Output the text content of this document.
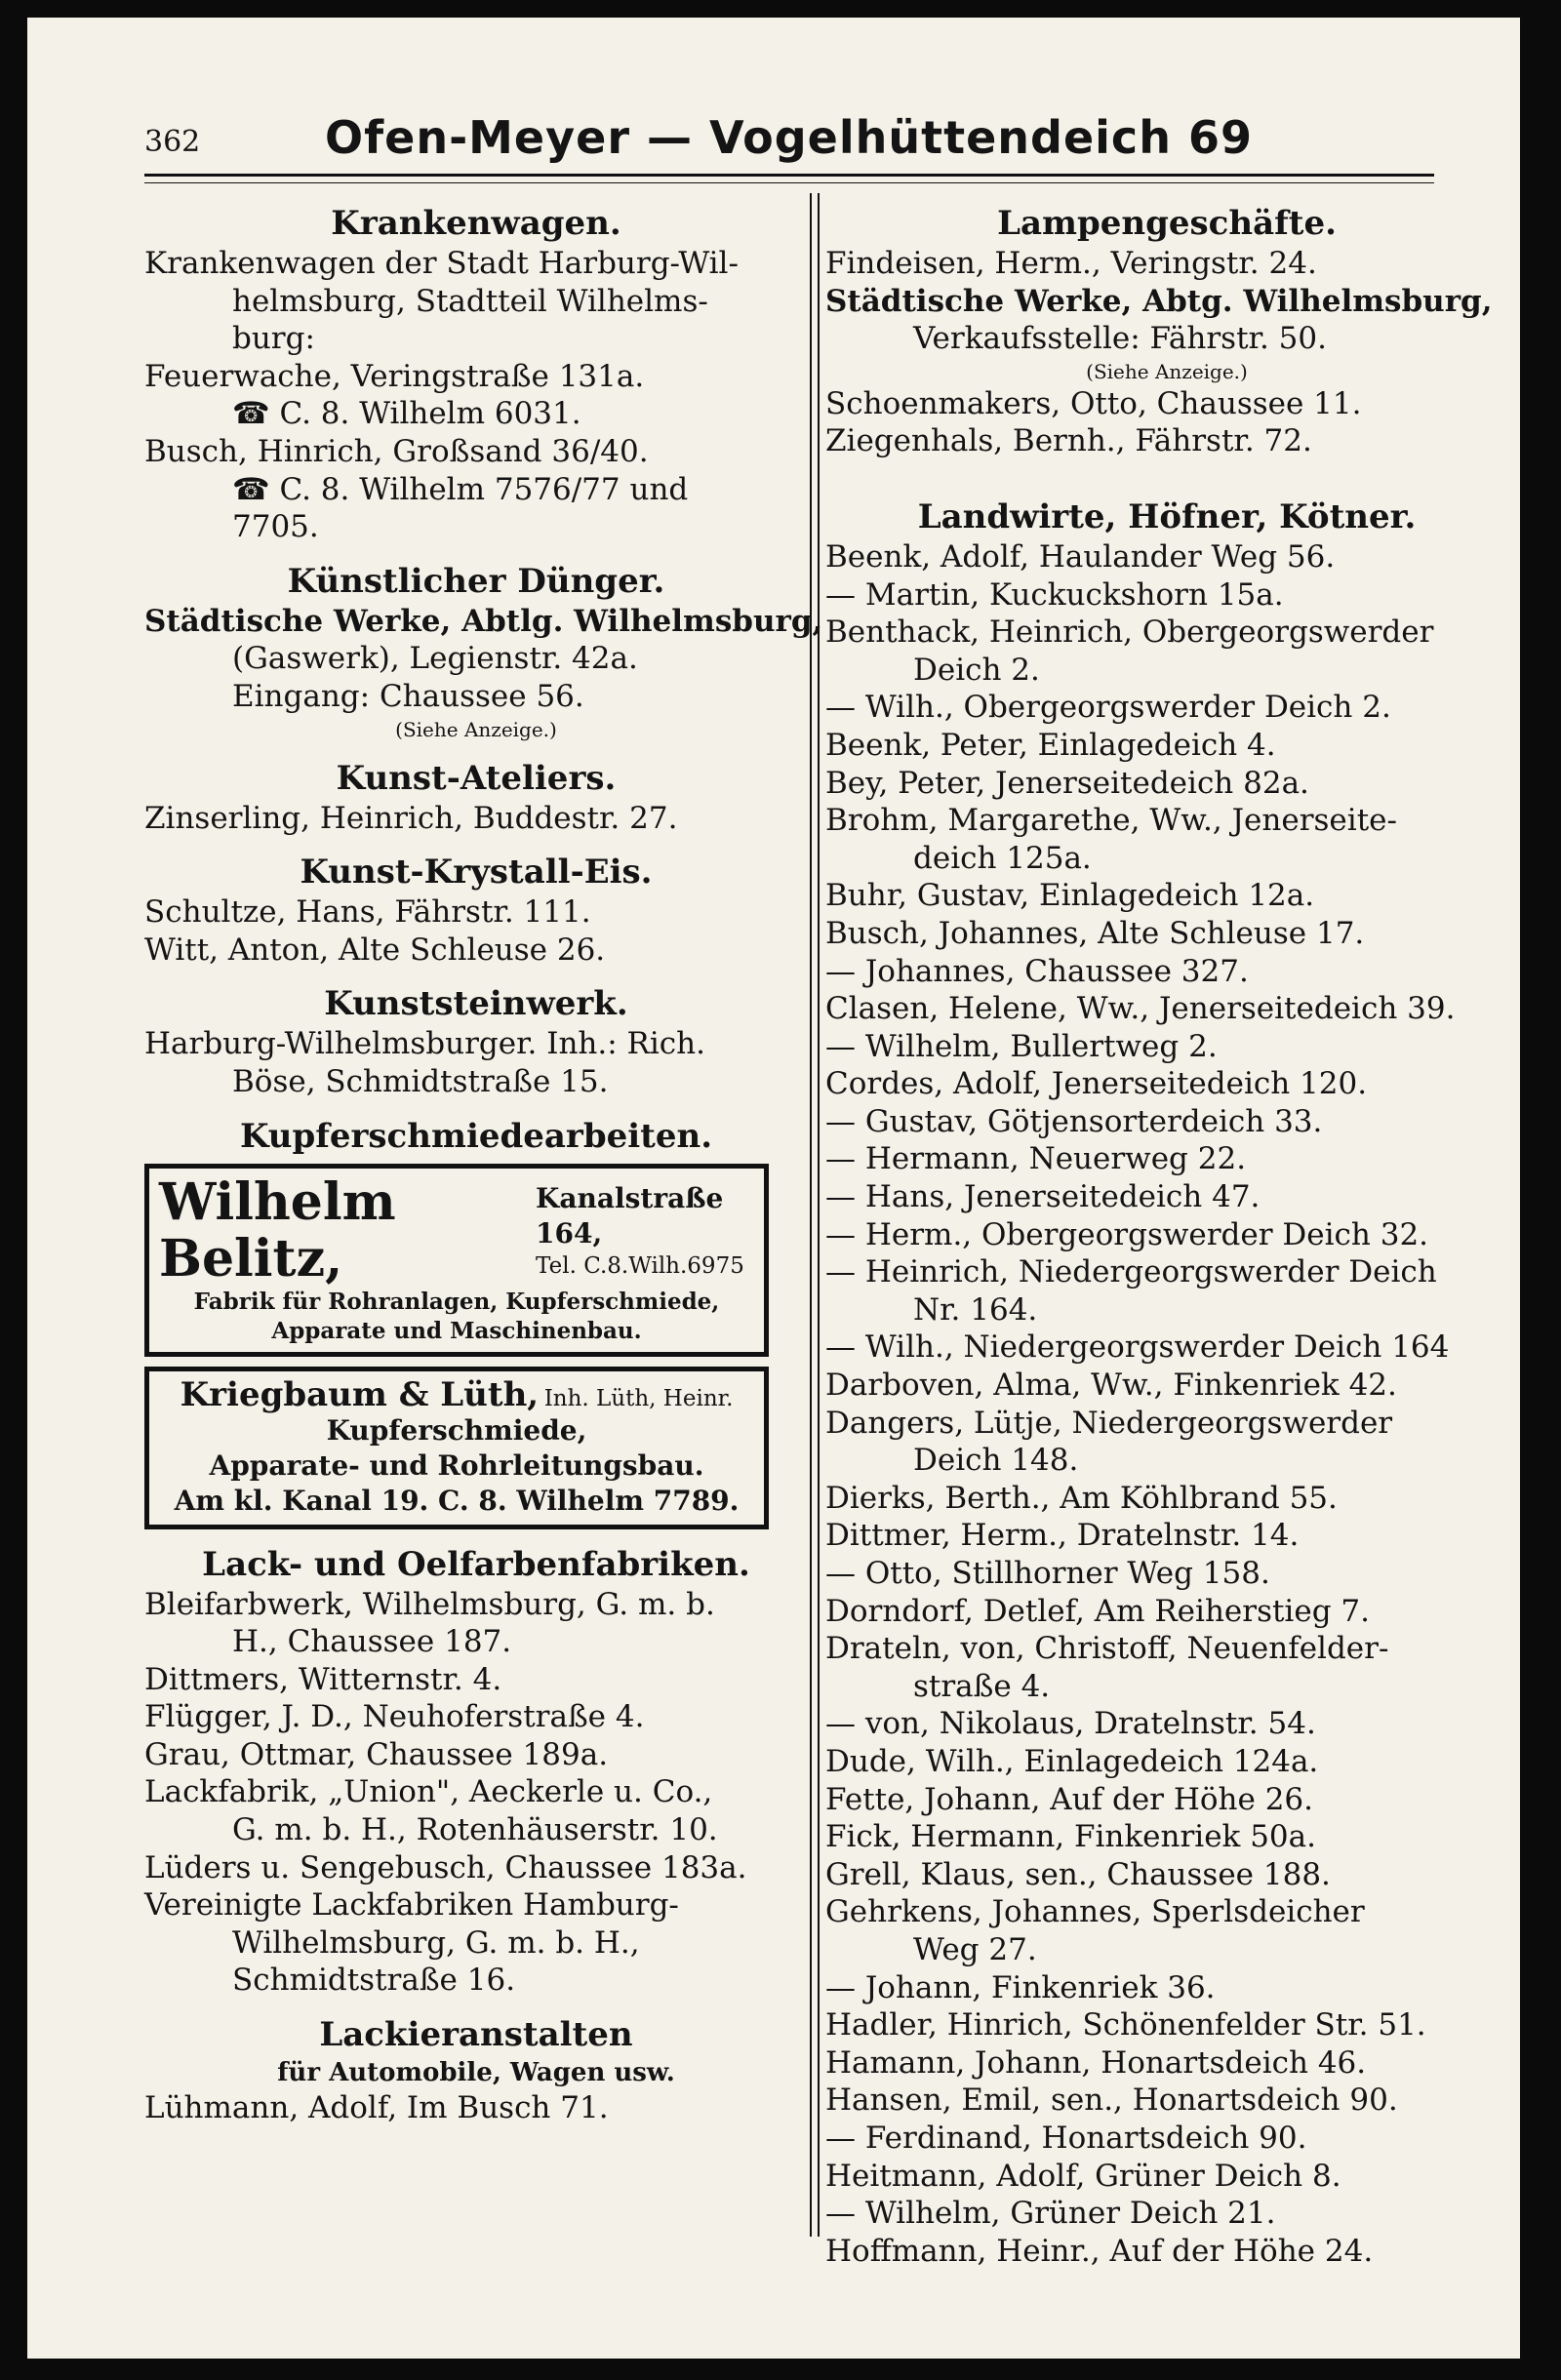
362	Ofen-Meyer — Vogelhüttendeich 69
Krankenwagen.
Krankenwagen der Stadt Harburg-Wil-
helmsburg, Stadtteil Wilhelms-
burg:
Feuerwache, Veringstraße 131a.
☎ C. 8. Wilhelm 6031.
Busch, Hinrich, Großsand 36/40.
☎ C. 8. Wilhelm 7576/77 und
7705.
Künstlicher Dünger.
Städtische Werke, Abtlg. Wilhelmsburg,
(Gaswerk), Legienstr. 42a.
Eingang: Chaussee 56.
(Siehe Anzeige.)
Kunst-Ateliers.
Zinserling, Heinrich, Buddestr. 27.
Kunst-Krystall-Eis.
Schultze, Hans, Fährstr. 111.
Witt, Anton, Alte Schleuse 26.
Kunststeinwerk.
Harburg-Wilhelmsburger. Inh.: Rich.
Böse, Schmidtstraße 15.
Kupferschmiedearbeiten.
Wilhelm Belitz,
Kanalstraße 164,
Tel. C.8.Wilh.6975
Fabrik für Rohranlagen, Kupferschmiede,
Apparate und Maschinenbau.
Kriegbaum & Lüth, Inh. Lüth, Heinr.
Kupferschmiede,
Apparate- und Rohrleitungsbau.
Am kl. Kanal 19. C. 8. Wilhelm 7789.
Lack- und Oelfarbenfabriken.
Bleifarbwerk, Wilhelmsburg, G. m. b.
H., Chaussee 187.
Dittmers, Witternstr. 4.
Flügger, J. D., Neuhoferstraße 4.
Grau, Ottmar, Chaussee 189a.
Lackfabrik, „Union", Aeckerle u. Co.,
G. m. b. H., Rotenhäuserstr. 10.
Lüders u. Sengebusch, Chaussee 183a.
Vereinigte Lackfabriken Hamburg-
Wilhelmsburg, G. m. b. H.,
Schmidtstraße 16.
Lackieranstalten
für Automobile, Wagen usw.
Lühmann, Adolf, Im Busch 71.
Lampengeschäfte.
Findeisen, Herm., Veringstr. 24.
Städtische Werke, Abtg. Wilhelmsburg,
Verkaufsstelle: Fährstr. 50.
(Siehe Anzeige.)
Schoenmakers, Otto, Chaussee 11.
Ziegenhals, Bernh., Fährstr. 72.
Landwirte, Höfner, Kötner.
Beenk, Adolf, Haulander Weg 56.
— Martin, Kuckuckshorn 15a.
Benthack, Heinrich, Obergeorgswerder
Deich 2.
— Wilh., Obergeorgswerder Deich 2.
Beenk, Peter, Einlagedeich 4.
Bey, Peter, Jenerseitedeich 82a.
Brohm, Margarethe, Ww., Jenerseite-
deich 125a.
Buhr, Gustav, Einlagedeich 12a.
Busch, Johannes, Alte Schleuse 17.
— Johannes, Chaussee 327.
Clasen, Helene, Ww., Jenerseitedeich 39.
— Wilhelm, Bullertweg 2.
Cordes, Adolf, Jenerseitedeich 120.
— Gustav, Götjensorterdeich 33.
— Hermann, Neuerweg 22.
— Hans, Jenerseitedeich 47.
— Herm., Obergeorgswerder Deich 32.
— Heinrich, Niedergeorgswerder Deich
Nr. 164.
— Wilh., Niedergeorgswerder Deich 164
Darboven, Alma, Ww., Finkenriek 42.
Dangers, Lütje, Niedergeorgswerder
Deich 148.
Dierks, Berth., Am Köhlbrand 55.
Dittmer, Herm., Dratelnstr. 14.
— Otto, Stillhorner Weg 158.
Dorndorf, Detlef, Am Reiherstieg 7.
Drateln, von, Christoff, Neuenfelder-
straße 4.
— von, Nikolaus, Dratelnstr. 54.
Dude, Wilh., Einlagedeich 124a.
Fette, Johann, Auf der Höhe 26.
Fick, Hermann, Finkenriek 50a.
Grell, Klaus, sen., Chaussee 188.
Gehrkens, Johannes, Sperlsdeicher
Weg 27.
— Johann, Finkenriek 36.
Hadler, Hinrich, Schönenfelder Str. 51.
Hamann, Johann, Honartsdeich 46.
Hansen, Emil, sen., Honartsdeich 90.
— Ferdinand, Honartsdeich 90.
Heitmann, Adolf, Grüner Deich 8.
— Wilhelm, Grüner Deich 21.
Hoffmann, Heinr., Auf der Höhe 24.
